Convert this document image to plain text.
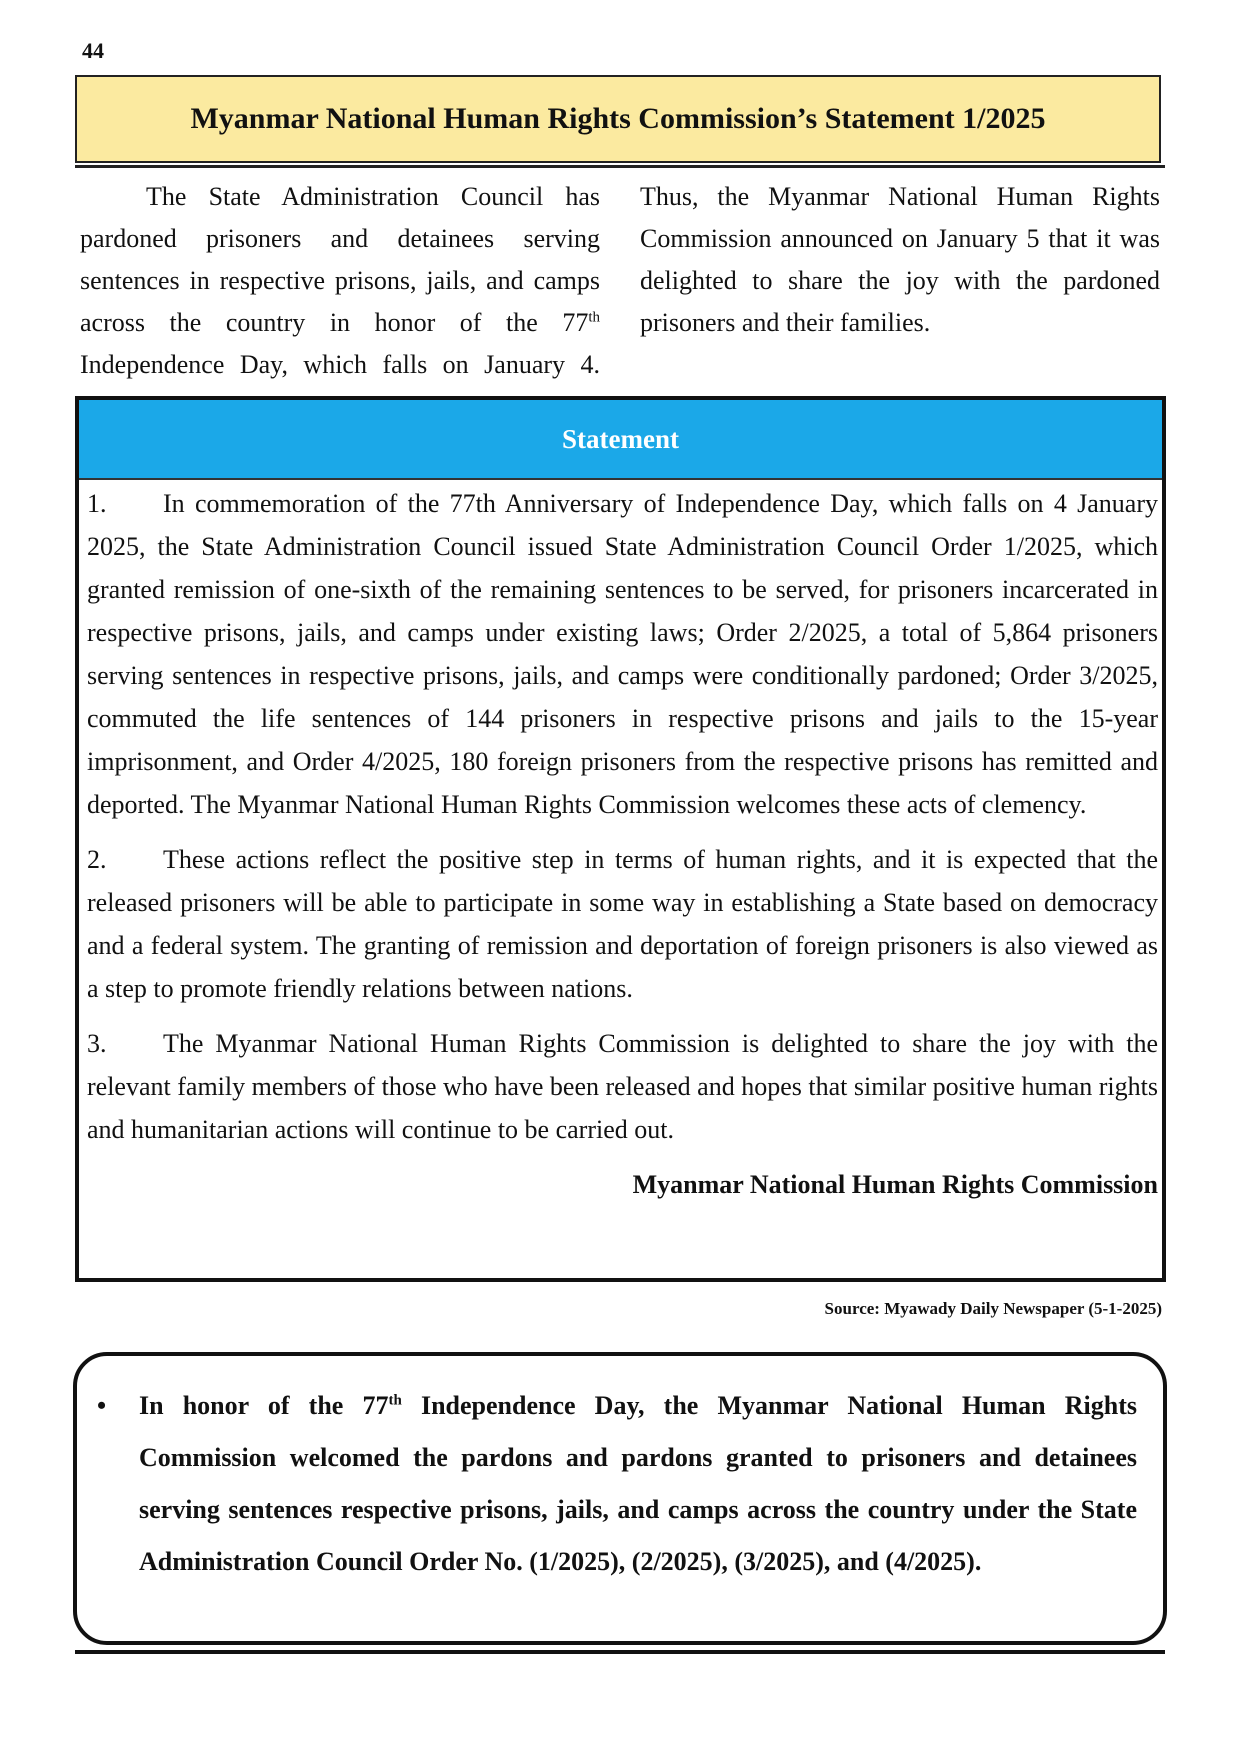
44
Myanmar National Human Rights Commission’s Statement 1/2025

The State Administration Council has pardoned prisoners and detainees serving sentences in respective prisons, jails, and camps across the country in honor of the 77th Independence Day, which falls on January 4. Thus, the Myanmar National Human Rights Commission announced on January 5 that it was delighted to share the joy with the pardoned prisoners and their families.

Statement

1. In commemoration of the 77th Anniversary of Independence Day, which falls on 4 January 2025, the State Administration Council issued State Administration Council Order 1/2025, which granted remission of one-sixth of the remaining sentences to be served, for prisoners incarcerated in respective prisons, jails, and camps under existing laws; Order 2/2025, a total of 5,864 prisoners serving sentences in respective prisons, jails, and camps were conditionally pardoned; Order 3/2025, commuted the life sentences of 144 prisoners in respective prisons and jails to the 15-year imprisonment, and Order 4/2025, 180 foreign prisoners from the respective prisons has remitted and deported. The Myanmar National Human Rights Commission welcomes these acts of clemency.

2. These actions reflect the positive step in terms of human rights, and it is expected that the released prisoners will be able to participate in some way in establishing a State based on democracy and a federal system. The granting of remission and deportation of foreign prisoners is also viewed as a step to promote friendly relations between nations.

3. The Myanmar National Human Rights Commission is delighted to share the joy with the relevant family members of those who have been released and hopes that similar positive human rights and humanitarian actions will continue to be carried out.

Myanmar National Human Rights Commission
Source: Myawady Daily Newspaper (5-1-2025)
• In honor of the 77th Independence Day, the Myanmar National Human Rights Commission welcomed the pardons and pardons granted to prisoners and detainees serving sentences respective prisons, jails, and camps across the country under the State Administration Council Order No. (1/2025), (2/2025), (3/2025), and (4/2025).
